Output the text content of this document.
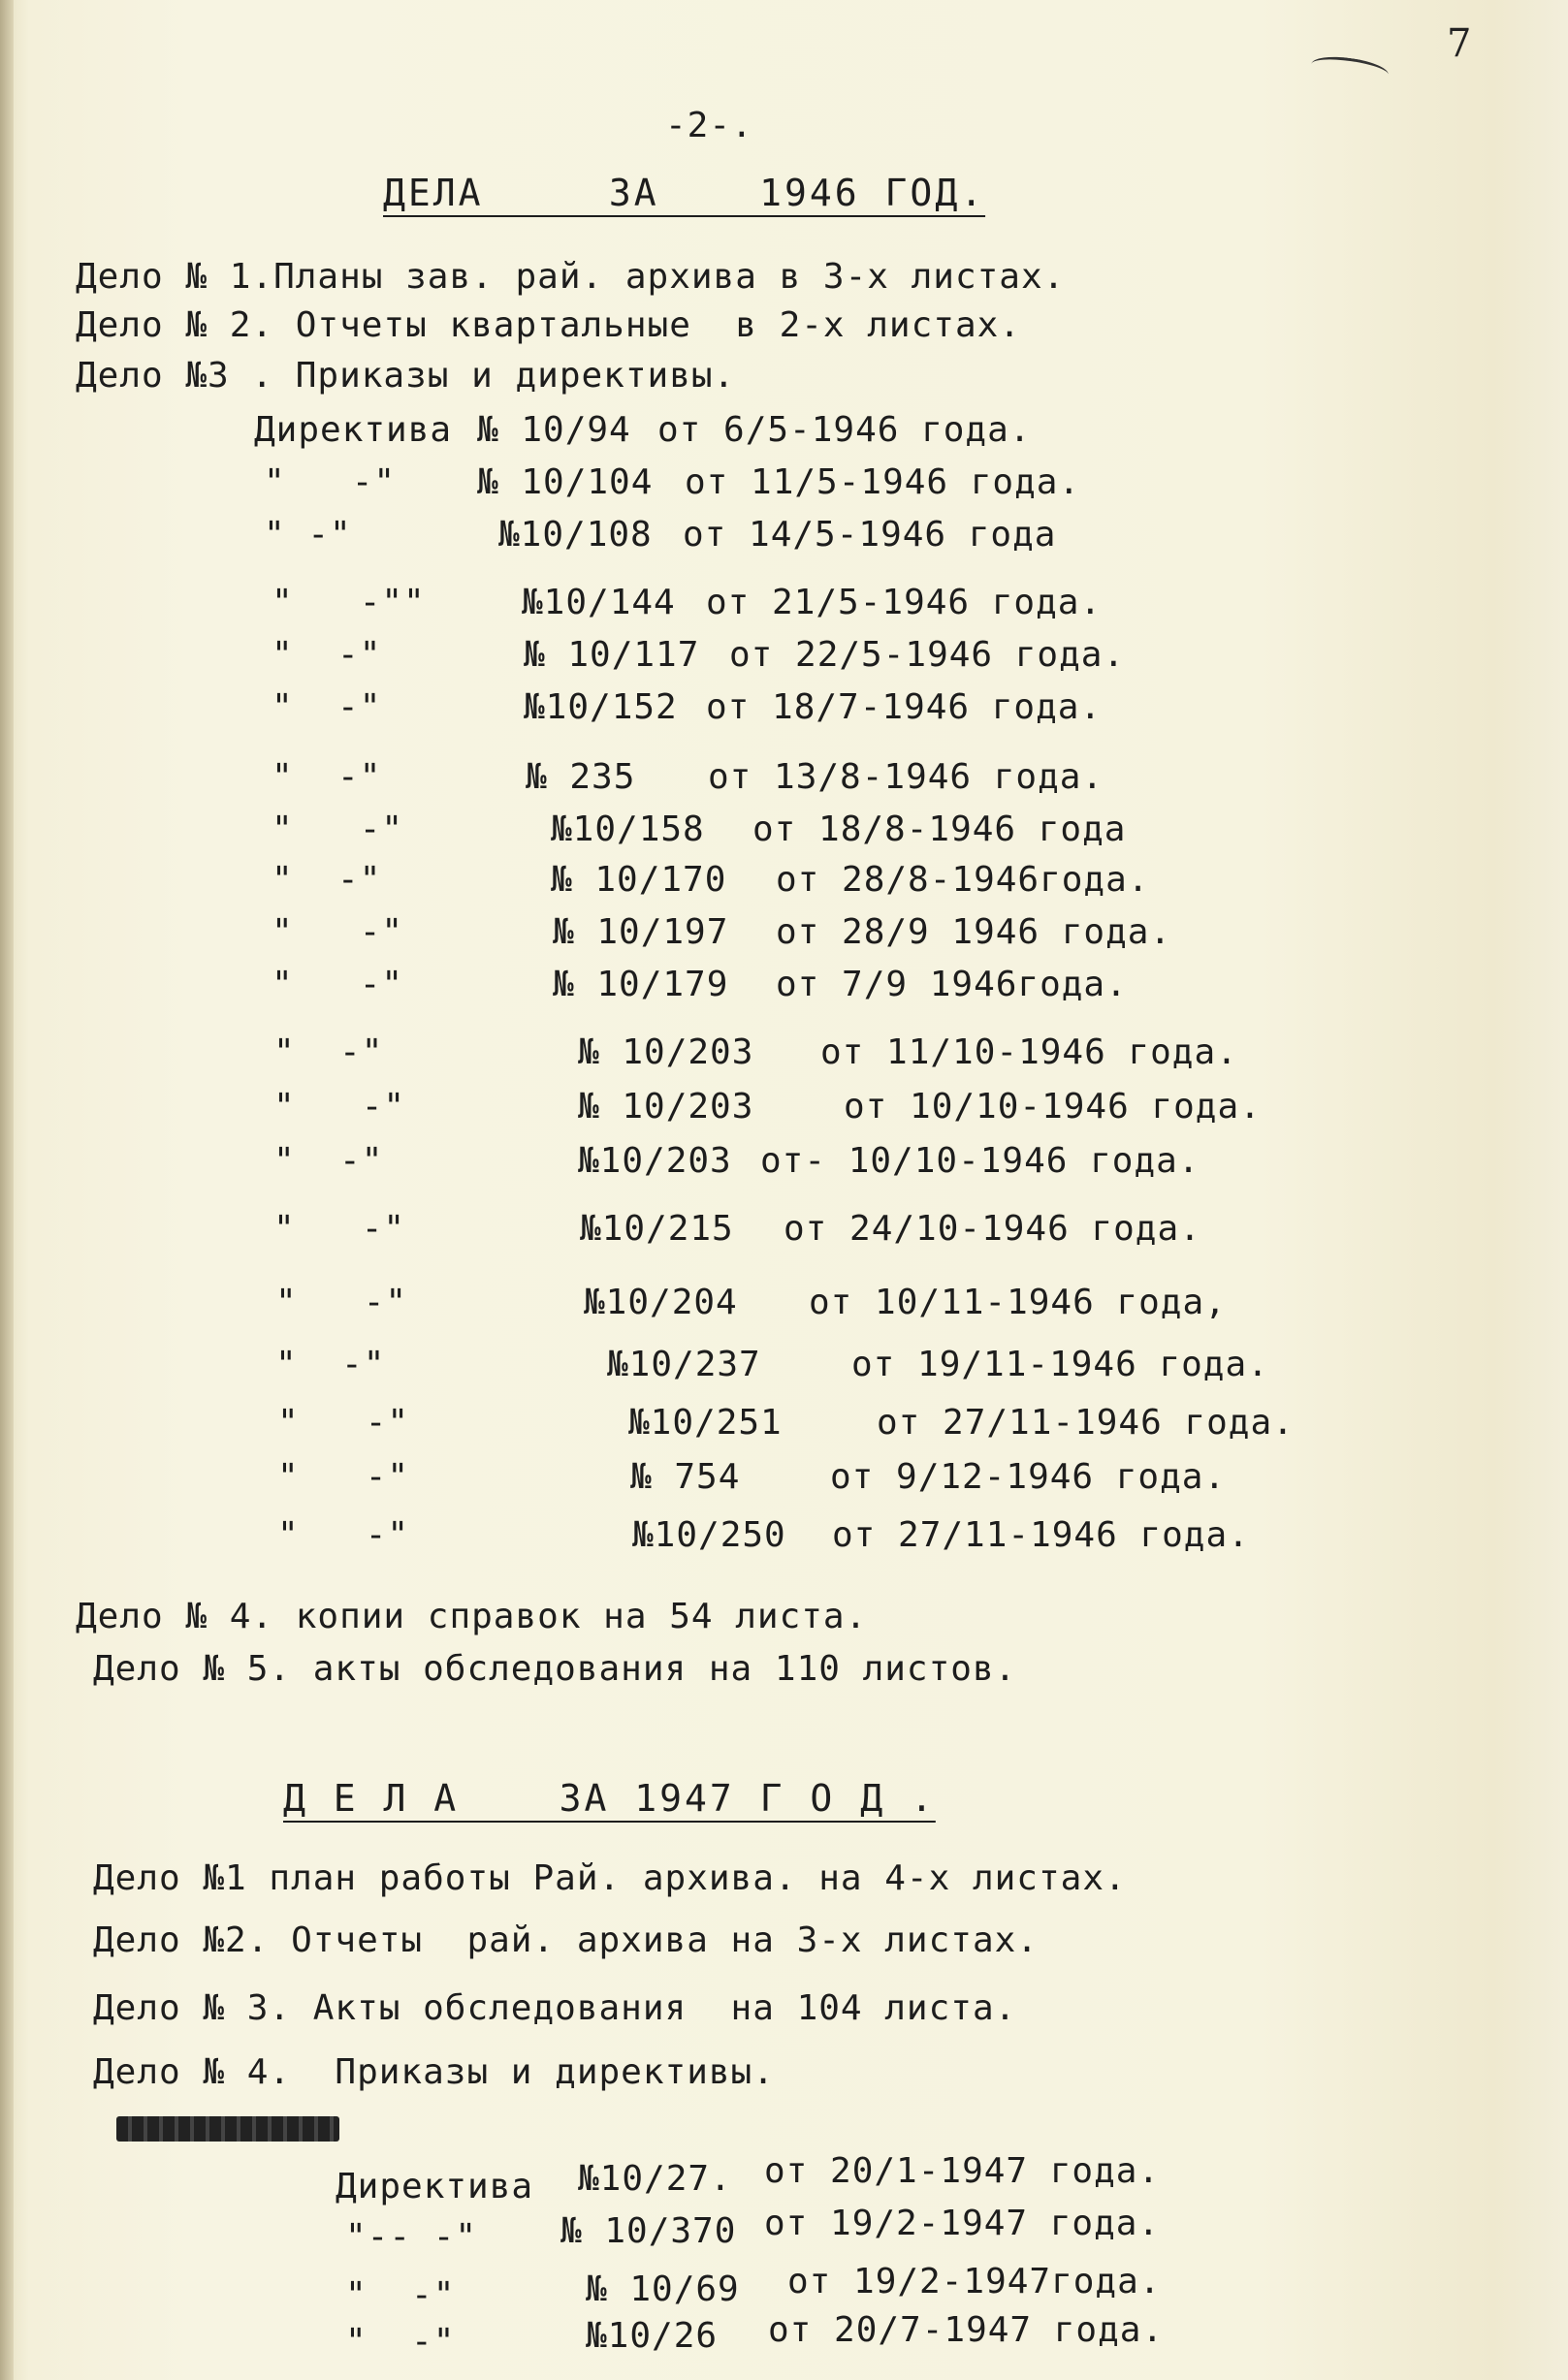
7
-2-.
ДЕЛА     ЗА    1946 ГОД.
Дело № 1.Планы зав. рай. архива в 3-х листах.
Дело № 2. Отчеты квартальные  в 2-х листах.
Дело №3 . Приказы и директивы.
Директива № 10/94 от 6/5-1946 года.
"   -" № 10/104 от 11/5-1946 года.
" -"	№10/108 от 14/5-1946 года
"   -""	№10/144 от 21/5-1946 года.
"  -"	№ 10/117 от 22/5-1946 года.
"  -"	№10/152 от 18/7-1946 года.
"  -"	№ 235 от 13/8-1946 года.
"   -"	№10/158 от 18/8-1946 года
"  -"	№ 10/170 от 28/8-1946года.
"   -"	№ 10/197 от 28/9 1946 года.
"   -"	№ 10/179 от 7/9 1946года.
"  -"	№ 10/203 от 11/10-1946 года.
"   -"	№ 10/203	от 10/10-1946 года.
"  -"	№10/203 от- 10/10-1946 года.
"   -"	№10/215 от 24/10-1946 года.
"   -"	№10/204 от 10/11-1946 года,
"  -"	№10/237	от 19/11-1946 года.
"   -"	№10/251	от 27/11-1946 года.
"   -"	№ 754	от 9/12-1946 года.
"   -"	№10/250 от 27/11-1946 года.
Дело № 4. копии справок на 54 листа.
Дело № 5. акты обследования на 110 листов.
Д Е Л А    ЗА 1947 Г О Д .
Дело №1 план работы Рай. архива. на 4-х листах.
Дело №2. Отчеты  рай. архива на 3-х листах.
Дело № 3. Акты обследования  на 104 листа.
Дело № 4.  Приказы и директивы.
Директива №10/27. от 20/1-1947 года.
"-- -" № 10/370 от 19/2-1947 года.
"  -"	№ 10/69 от 19/2-1947года.
"  -"	№10/26 от 20/7-1947 года.
